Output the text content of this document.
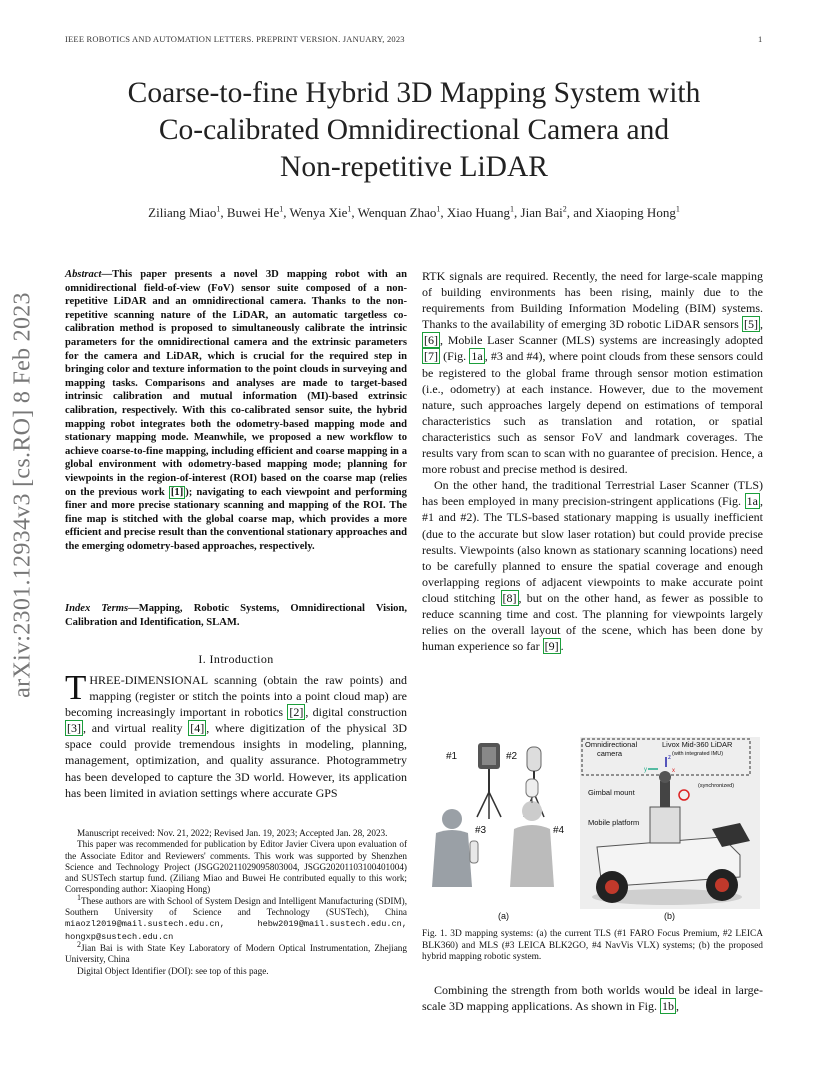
IEEE ROBOTICS AND AUTOMATION LETTERS. PREPRINT VERSION. JANUARY, 2023	1
arXiv:2301.12934v3 [cs.RO] 8 Feb 2023
Coarse-to-fine Hybrid 3D Mapping System with
Co-calibrated Omnidirectional Camera and
Non-repetitive LiDAR
Ziliang Miao$^1$, Buwei He$^1$, Wenya Xie$^1$, Wenquan Zhao$^1$, Xiao Huang$^1$, Jian Bai$^2$, and Xiaoping Hong$^1$
Abstract—This paper presents a novel 3D mapping robot with an omnidirectional field-of-view (FoV) sensor suite composed of a non-repetitive LiDAR and an omnidirectional camera. Thanks to the non-repetitive scanning nature of the LiDAR, an automatic targetless co-calibration method is proposed to simultaneously calibrate the intrinsic parameters for the omnidirectional camera and the extrinsic parameters for the camera and LiDAR, which is crucial for the required step in bringing color and texture information to the point clouds in surveying and mapping tasks. Comparisons and analyses are made to target-based intrinsic calibration and mutual information (MI)-based extrinsic calibration, respectively. With this co-calibrated sensor suite, the hybrid mapping robot integrates both the odometry-based mapping mode and stationary mapping mode. Meanwhile, we proposed a new workflow to achieve coarse-to-fine mapping, including efficient and coarse mapping in a global environment with odometry-based mapping mode; planning for viewpoints in the region-of-interest (ROI) based on the coarse map (relies on the previous work [1] ); navigating to each viewpoint and performing finer and more precise stationary scanning and mapping of the ROI. The fine map is stitched with the global coarse map, which provides a more efficient and precise result than the conventional stationary approaches and the emerging odometry-based approaches, respectively.
Index Terms—Mapping, Robotic Systems, Omnidirectional Vision, Calibration and Identification, SLAM.
I. Introduction
THREE-DIMENSIONAL scanning (obtain the raw points) and mapping (register or stitch the points into a point cloud map) are becoming increasingly important in robotics [2] , digital construction [3] , and virtual reality [4] , where digitization of the physical 3D space could provide tremendous insights in modeling, planning, management, optimization, and quality assurance. Photogrammetry has been developed to capture the 3D world. However, its application has been limited in aviation settings where accurate GPS

Manuscript received: Nov. 21, 2022; Revised Jan. 19, 2023; Accepted Jan. 28, 2023.

This paper was recommended for publication by Editor Javier Civera upon evaluation of the Associate Editor and Reviewers' comments. This work was supported by Shenzhen Science and Technology Project (JSGG20211029095803004, JSGG20201103100401004) and SUSTech startup fund. (Ziliang Miao and Buwei He contributed equally to this work; Corresponding author: Xiaoping Hong)

$^1$These authors are with School of System Design and Intelligent Manufacturing (SDIM), Southern University of Science and Technology (SUSTech), China miaozl2019@mail.sustech.edu.cn,	hebw2019@mail.sustech.edu.cn, hongxp@sustech.edu.cn

$^2$Jian Bai is with State Key Laboratory of Modern Optical Instrumentation, Zhejiang University, China

Digital Object Identifier (DOI): see top of this page.

RTK signals are required. Recently, the need for large-scale mapping of building environments has been rising, mainly due to the requirements from Building Information Modeling (BIM) systems. Thanks to the availability of emerging 3D robotic LiDAR sensors [5] , [6] , Mobile Laser Scanner (MLS) systems are increasingly adopted [7] (Fig. 1a , #3 and #4), where point clouds from these sensors could be registered to the global frame through sensor motion estimation (i.e., odometry) at each instance. However, due to the movement nature, such approaches largely depend on estimations of temporal characteristics such as translation and rotation, or spatial characteristics such as sensor FoV and landmark coverages. The results vary from scan to scan with no guarantee of precision. Hence, a more robust and precise method is desired.

On the other hand, the traditional Terrestrial Laser Scanner (TLS) has been employed in many precision-stringent applications (Fig. 1a , #1 and #2). The TLS-based stationary mapping is usually inefficient (due to the accurate but slow laser rotation) but could provide precise results. Viewpoints (also known as stationary scanning locations) need to be carefully planned to ensure the spatial coverage and enough overlapping regions of adjacent viewpoints to make accurate point cloud stitching [8] , but on the other hand, as fewer as possible to reduce scanning time and cost. The planning for viewpoints largely relies on the overall layout of the scene, which has been done by human experience so far [9] .

#1	#2
#3	#4
(a)
Omnidirectional
camera
Livox Mid-360 LiDAR
(with integrated IMU)
(synchronized)
Gimbal mount
Mobile platform
y
z
x
(b)
Fig. 1. 3D mapping systems: (a) the current TLS (#1 FARO Focus Premium, #2 LEICA BLK360) and MLS (#3 LEICA BLK2GO, #4 NavVis VLX) systems; (b) the proposed hybrid mapping robotic system.

Combining the strength from both worlds would be ideal in large-scale 3D mapping applications. As shown in Fig. 1b ,
